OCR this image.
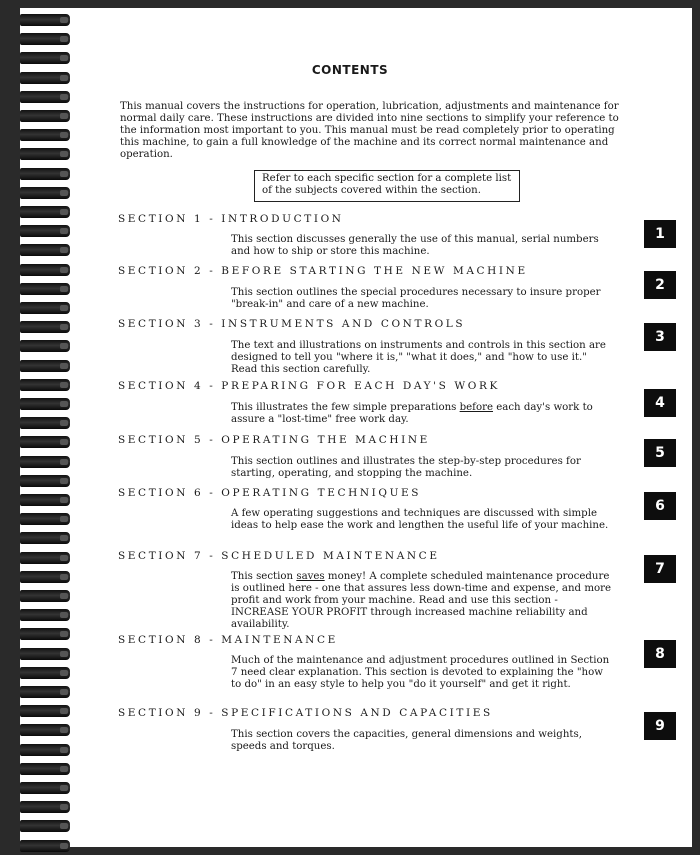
CONTENTS
This manual covers the instructions for operation, lubrication, adjustments and maintenance for normal daily care. These instructions are divided into nine sections to simplify your reference to the information most important to you. This manual must be read completely prior to operating this machine, to gain a full knowledge of the machine and its correct normal maintenance and operation.
Refer to each specific section for a complete list of the subjects covered within the section.
SECTION 1 - INTRODUCTION
This section discusses generally the use of this manual, serial numbers and how to ship or store this machine.
1
SECTION 2 - BEFORE STARTING THE NEW MACHINE
This section outlines the special procedures necessary to insure proper "break-in" and care of a new machine.
2
SECTION 3 - INSTRUMENTS AND CONTROLS
The text and illustrations on instruments and controls in this section are designed to tell you "where it is," "what it does," and "how to use it." Read this section carefully.
3
SECTION 4 - PREPARING FOR EACH DAY'S WORK
This illustrates the few simple preparations before each day's work to assure a "lost-time" free work day.
4
SECTION 5 - OPERATING THE MACHINE
This section outlines and illustrates the step-by-step procedures for starting, operating, and stopping the machine.
5
SECTION 6 - OPERATING TECHNIQUES
A few operating suggestions and techniques are discussed with simple ideas to help ease the work and lengthen the useful life of your machine.
6
SECTION 7 - SCHEDULED MAINTENANCE
This section saves money! A complete scheduled maintenance procedure is outlined here - one that assures less down-time and expense, and more profit and work from your machine. Read and use this section - INCREASE YOUR PROFIT through increased machine reliability and availability.
7
SECTION 8 - MAINTENANCE
Much of the maintenance and adjustment procedures outlined in Section 7 need clear explanation. This section is devoted to explaining the "how to do" in an easy style to help you "do it yourself" and get it right.
8
SECTION 9 - SPECIFICATIONS AND CAPACITIES
This section covers the capacities, general dimensions and weights, speeds and torques.
9
